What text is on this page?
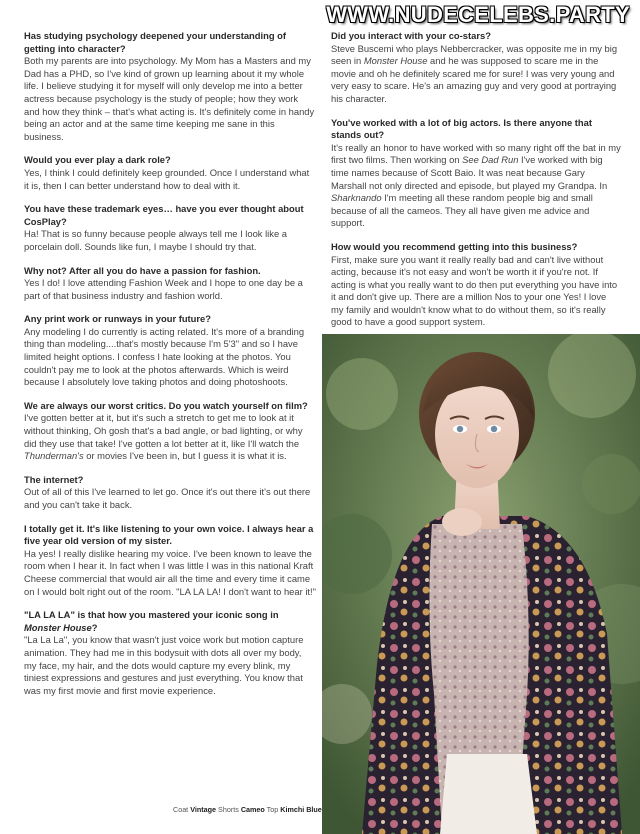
WWW.NUDECELEBS.PARTY

Has studying psychology deepened your understanding of getting into character?

Both my parents are into psychology. My Mom has a Masters and my Dad has a PHD, so I've kind of grown up learning about it my whole life. I believe studying it for myself will only develop me into a better actress because psychology is the study of people; how they work and how they think – that's what acting is. It's definitely come in handy being an actor and at the same time keeping me sane in this business.

Would you ever play a dark role?

Yes, I think I could definitely keep grounded. Once I understand what it is, then I can better understand how to deal with it.

You have these trademark eyes… have you ever thought about CosPlay?

Ha! That is so funny because people always tell me I look like a porcelain doll. Sounds like fun, I maybe I should try that.

Why not? After all you do have a passion for fashion.

Yes I do! I love attending Fashion Week and I hope to one day be a part of that business industry and fashion world.

Any print work or runways in your future?

Any modeling I do currently is acting related. It's more of a branding thing than modeling....that's mostly because I'm 5'3" and so I have limited height options. I confess I hate looking at the photos. You couldn't pay me to look at the photos afterwards. Which is weird because I absolutely love taking photos and doing photoshoots.

We are always our worst critics. Do you watch yourself on film?

I've gotten better at it, but it's such a stretch to get me to look at it without thinking, Oh gosh that's a bad angle, or bad lighting, or why did they use that take! I've gotten a lot better at it, like I'll watch the Thunderman's or movies I've been in, but I guess it is what it is.

The internet?

Out of all of this I've learned to let go. Once it's out there it's out there and you can't take it back.

I totally get it. It's like listening to your own voice. I always hear a five year old version of my sister.

Ha yes! I really dislike hearing my voice. I've been known to leave the room when I hear it. In fact when I was little I was in this national Kraft Cheese commercial that would air all the time and every time it came on I would bolt right out of the room. "LA LA LA! I don't want to hear it!"

"LA LA LA" is that how you mastered your iconic song in Monster House?

"La La La", you know that wasn't just voice work but motion capture animation. They had me in this bodysuit with dots all over my body, my face, my hair, and the dots would capture my every blink, my tiniest expressions and gestures and just everything. You know that was my first movie and first movie experience.

Did you interact with your co-stars?

Steve Buscemi who plays Nebbercracker, was opposite me in my big seen in Monster House and he was supposed to scare me in the movie and oh he definitely scared me for sure! I was very young and very easy to scare. He's an amazing guy and very good at portraying his character.

You've worked with a lot of big actors. Is there anyone that stands out?

It's really an honor to have worked with so many right off the bat in my first two films. Then working on See Dad Run I've worked with big time names because of Scott Baio. It was neat because Gary Marshall not only directed and episode, but played my Grandpa. In Sharknando I'm meeting all these random people big and small because of all the cameos. They all have given me advice and support.

How would you recommend getting into this business?

First, make sure you want it really really bad and can't live without acting, because it's not easy and won't be worth it if you're not. If acting is what you really want to do then put everything you have into it and don't give up. There are a million Nos to your one Yes! I love my family and wouldn't know what to do without them, so it's really good to have a good support system.

Coat Vintage Shorts Cameo Top Kimchi Blue
